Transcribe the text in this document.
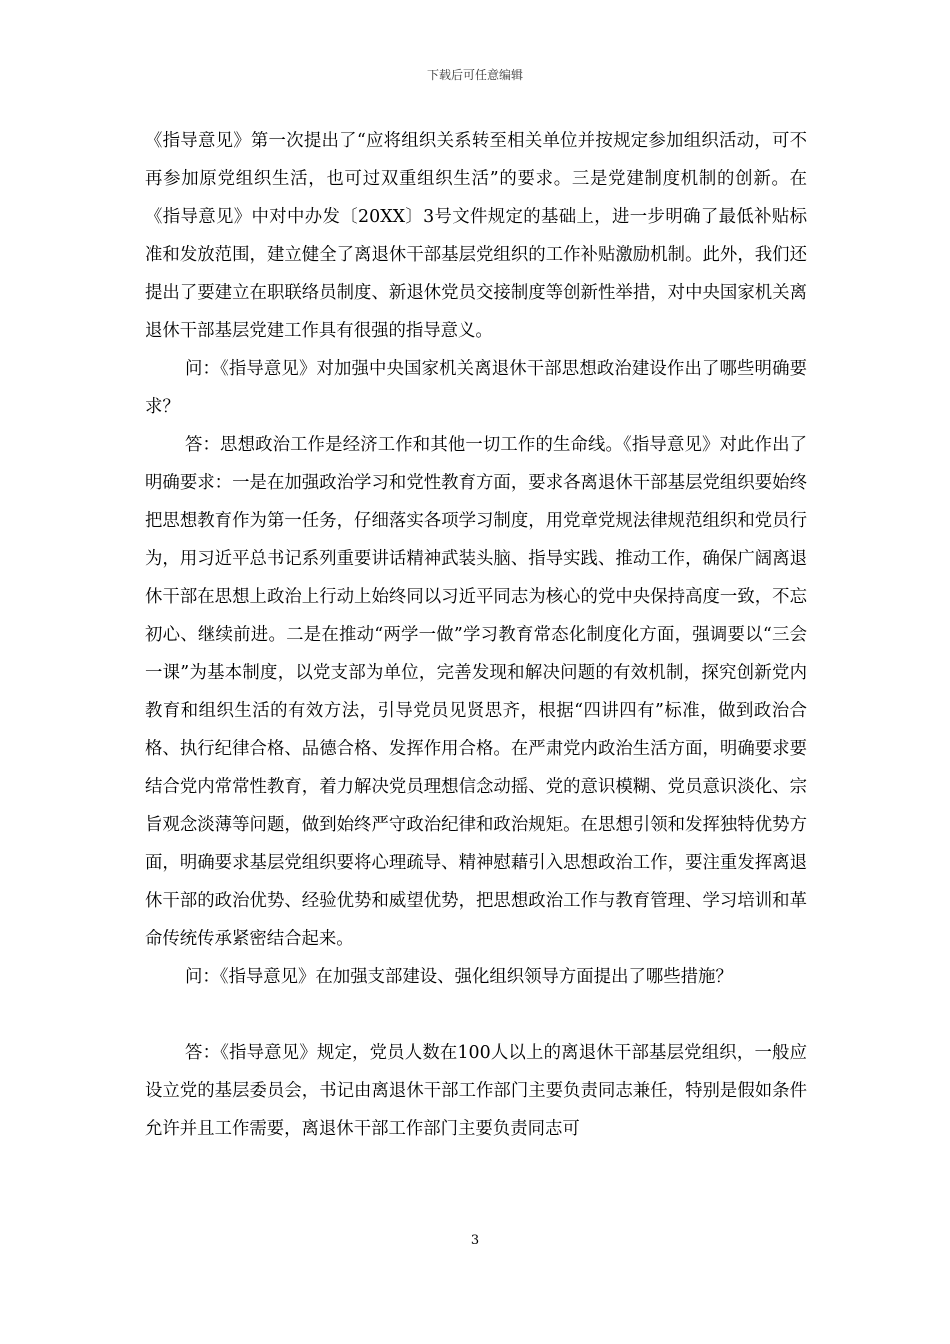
下载后可任意编辑

《指导意见》第一次提出了“应将组织关系转至相关单位并按规定参加组织活动，可不再参加原党组织生活，也可过双重组织生活”的要求。三是党建制度机制的创新。在《指导意见》中对中办发〔20XX〕3号文件规定的基础上，进一步明确了最低补贴标准和发放范围，建立健全了离退休干部基层党组织的工作补贴激励机制。此外，我们还提出了要建立在职联络员制度、新退休党员交接制度等创新性举措，对中央国家机关离退休干部基层党建工作具有很强的指导意义。

问：《指导意见》对加强中央国家机关离退休干部思想政治建设作出了哪些明确要求？

答：思想政治工作是经济工作和其他一切工作的生命线。《指导意见》对此作出了明确要求：一是在加强政治学习和党性教育方面，要求各离退休干部基层党组织要始终把思想教育作为第一任务，仔细落实各项学习制度，用党章党规法律规范组织和党员行为，用习近平总书记系列重要讲话精神武装头脑、指导实践、推动工作，确保广阔离退休干部在思想上政治上行动上始终同以习近平同志为核心的党中央保持高度一致，不忘初心、继续前进。二是在推动“两学一做”学习教育常态化制度化方面，强调要以“三会一课”为基本制度，以党支部为单位，完善发现和解决问题的有效机制，探究创新党内教育和组织生活的有效方法，引导党员见贤思齐，根据“四讲四有”标准，做到政治合格、执行纪律合格、品德合格、发挥作用合格。在严肃党内政治生活方面，明确要求要结合党内常常性教育，着力解决党员理想信念动摇、党的意识模糊、党员意识淡化、宗旨观念淡薄等问题，做到始终严守政治纪律和政治规矩。在思想引领和发挥独特优势方面，明确要求基层党组织要将心理疏导、精神慰藉引入思想政治工作，要注重发挥离退休干部的政治优势、经验优势和威望优势，把思想政治工作与教育管理、学习培训和革命传统传承紧密结合起来。

问：《指导意见》在加强支部建设、强化组织领导方面提出了哪些措施？

答：《指导意见》规定，党员人数在100人以上的离退休干部基层党组织，一般应设立党的基层委员会，书记由离退休干部工作部门主要负责同志兼任，特别是假如条件允许并且工作需要，离退休干部工作部门主要负责同志可

3
